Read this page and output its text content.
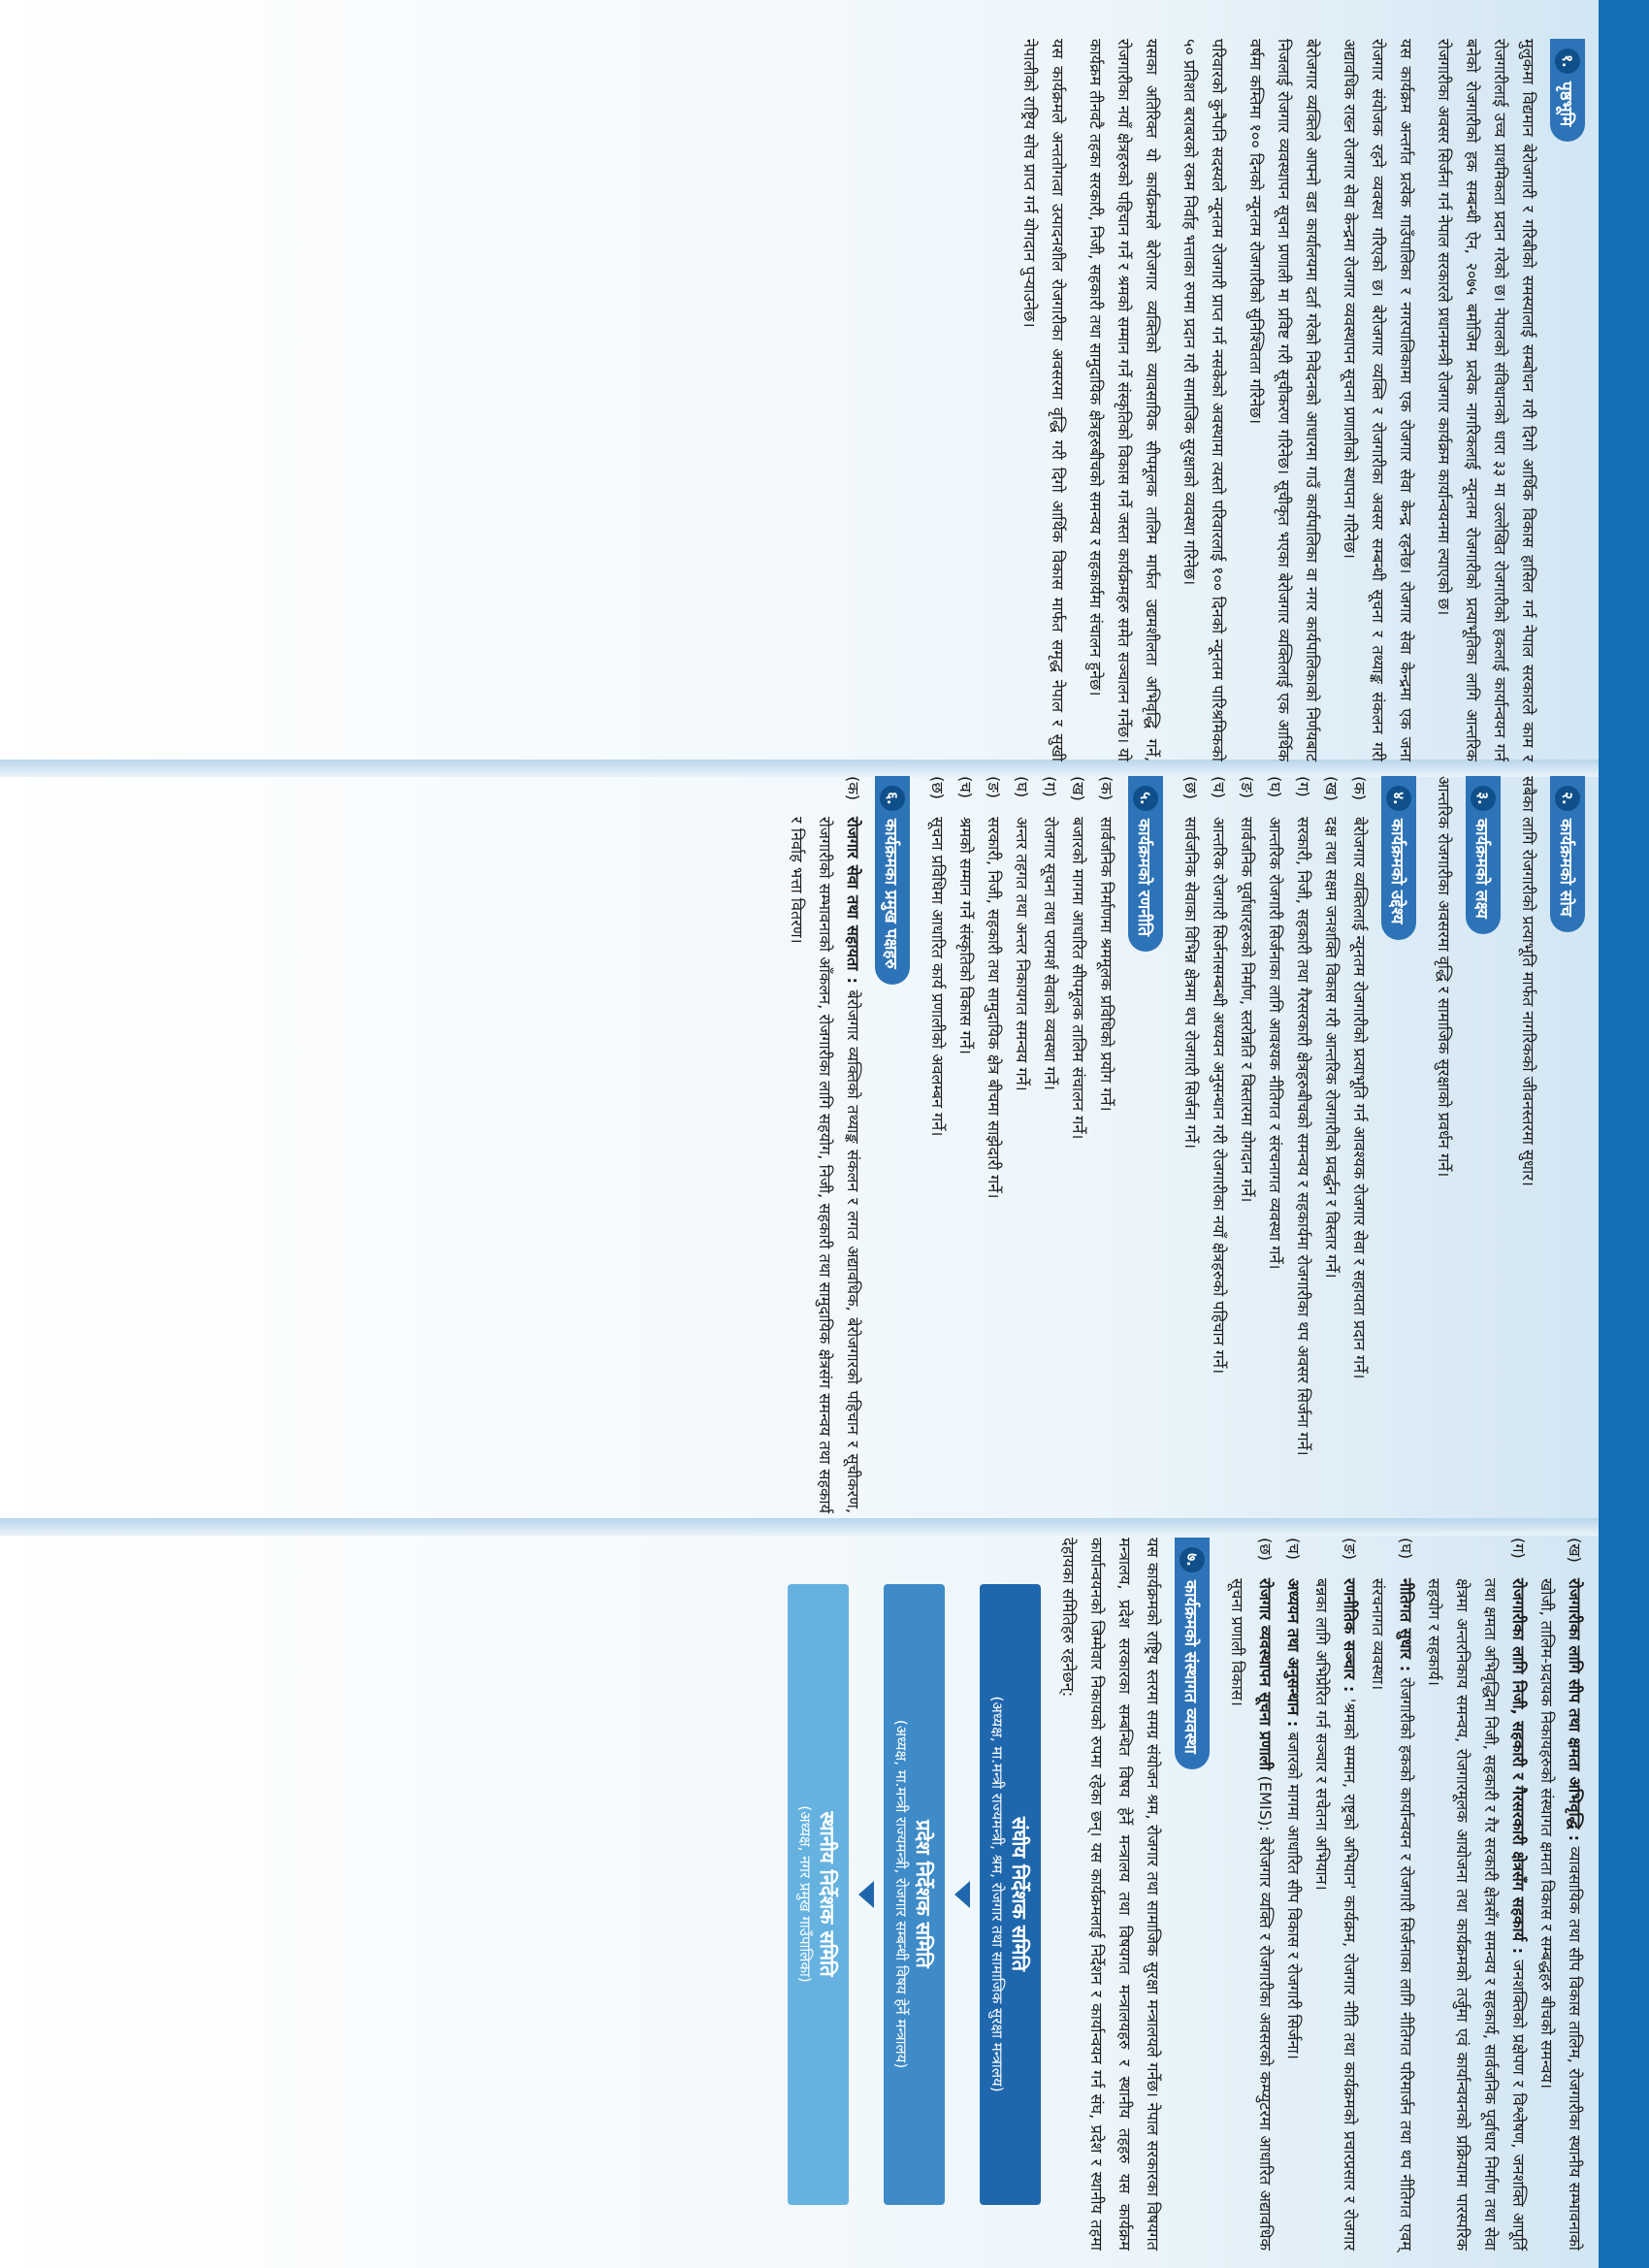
१.
पृष्ठभूमि

मुलुकमा विद्यमान बेरोजगारी र गरिबीको समस्यालाई सम्बोधन गरी दिगो आर्थिक विकास हासिल गर्न नेपाल सरकारले काम र रोजगारीलाई उच्च प्राथमिकता प्रदान गरेको छ। नेपालको संविधानको धारा ३३ मा उल्लेखित रोजगारीको हकलाई कार्यान्वयन गर्न बनेको रोजगारीको हक सम्बन्धी ऐन, २०७५ बमोजिम प्रत्येक नागरिकलाई न्यूनतम रोजगारीको प्रत्याभूतिका लागि आन्तरिक रोजगारीका अवसर सिर्जना गर्न नेपाल सरकारले प्रधानमन्त्री रोजगार कार्यक्रम कार्यान्वयनमा ल्याएको छ।

यस कार्यक्रम अन्तर्गत प्रत्येक गाउँपालिका र नगरपालिकामा एक रोजगार सेवा केन्द्र रहनेछ। रोजगार सेवा केन्द्रमा एक जना रोजगार संयोजक रहने व्यवस्था गरिएको छ। बेरोजगार व्यक्ति र रोजगारीका अवसर सम्बन्धी सूचना र तथ्याङ्क संकलन गरी अद्यावधिक राख्न रोजगार सेवा केन्द्रमा रोजगार व्यवस्थापन सूचना प्रणालीको स्थापना गरिनेछ।

बेरोजगार व्यक्तिले आफ्नो वडा कार्यालयमा दर्ता गरेको निवेदनको आधारमा गाउँ कार्यपालिका वा नगर कार्यपालिकाको निर्णयबाट निजलाई रोजगार व्यवस्थापन सूचना प्रणाली मा प्रविष्ट गरी सूचीकरण गरिनेछ। सूचीकृत भएका बेरोजगार व्यक्तिलाई एक आर्थिक वर्षमा कम्तिमा १०० दिनको न्यूनतम रोजगारीको सुनिश्चितता गरिनेछ।

परिवारको कुनैपनि सदस्यले न्यूनतम रोजगारी प्राप्त गर्न नसकेको अवस्थामा त्यस्तो परिवारलाई १०० दिनको न्यूनतम पारिश्रमिकको ५० प्रतिशत बराबरको रकम निर्वाह भत्ताका रुपमा प्रदान गरी सामाजिक सुरक्षाको व्यवस्था गरिनेछ।

यसका अतिरिक्त यो कार्यक्रमले बेरोजगार व्यक्तिको व्यावसायिक सीपमूलक तालिम मार्फत उद्यमशीलता अभिवृद्धि गर्ने, रोजगारीका नयाँ क्षेत्रहरुको पहिचान गर्ने र श्रमको सम्मान गर्ने संस्कृतिको विकास गर्ने जस्ता कार्यक्रमहरु समेत सञ्चालन गर्नेछ। यो कार्यक्रम तीनवटै तहका सरकारी, निजी, सहकारी तथा सामुदायिक क्षेत्रहरुबीचको समन्वय र सहकार्यमा संचालन हुनेछ।

यस कार्यक्रमले अन्ततोगत्वा उत्पादनशील रोजगारीका अवसरमा वृद्धि गरी दिगो आर्थिक विकास मार्फत समृद्ध नेपाल र सुखी नेपालीको राष्ट्रिय सोच प्राप्त गर्न योगदान पुर्‍याउनेछ।

२.
कार्यक्रमको सोच

सबैका लागि रोजगारीको प्रत्याभूति मार्फत नागरिकको जीवनस्तरमा सुधार।

३.
कार्यक्रमको लक्ष्य

आन्तरिक रोजगारीका अवसरमा वृद्धि र सामाजिक सुरक्षाको प्रवर्धन गर्ने।

४.
कार्यक्रमको उद्देश्य
(क)
बेरोजगार व्यक्तिलाई न्यूनतम रोजगारीको प्रत्याभूति गर्न आवश्यक रोजगार सेवा र सहायता प्रदान गर्ने।
(ख)
दक्ष तथा सक्षम जनशक्ति विकास गरी आन्तरिक रोजगारीको प्रवर्द्धन र विस्तार गर्ने।
(ग)
सरकारी, निजी, सहकारी तथा गैरसरकारी क्षेत्रहरुबीचको समन्वय र सहकार्यमा रोजगारीका थप अवसर सिर्जना गर्ने।
(घ)
आन्तरिक रोजगारी सिर्जनाका लागि आवश्यक नीतिगत र संरचनागत व्यवस्था गर्ने।
(ङ)
सार्वजनिक पूर्वाधारहरुको निर्माण, स्तरोन्नति र विस्तारमा योगदान गर्ने।
(च)
आन्तरिक रोजगारी सिर्जनासम्बन्धी अध्ययन अनुसन्धान गरी रोजगारीका नयाँ क्षेत्रहरुको पहिचान गर्ने।
(छ)
सार्वजनिक सेवाका विभिन्न क्षेत्रमा थप रोजगारी सिर्जना गर्ने।
५.
कार्यक्रमको रणनीति
(क)
सार्वजनिक निर्माणमा श्रममूलक प्रविधिको प्रयोग गर्ने।
(ख)
बजारको मागमा आधारित सीपमूलक तालिम संचालन गर्ने।
(ग)
रोजगार सूचना तथा परामर्श सेवाको व्यवस्था गर्ने।
(घ)
अन्तर तहगत तथा अन्तर निकायगत समन्वय गर्ने।
(ङ)
सरकारी, निजी, सहकारी तथा सामुदायिक क्षेत्र बीचमा साझेदारी गर्ने।
(च)
श्रमको सम्मान गर्ने संस्कृतिको विकास गर्ने।
(छ)
सूचना प्रविधिमा आधारित कार्य प्रणालीको अवलम्बन गर्ने।
६.
कार्यक्रमका प्रमुख पक्षहरु
(क)
रोजगार सेवा तथा सहायता : बेरोजगार व्यक्तिको तथ्याङ्क संकलन र लगत अद्यावधिक, बेरोजगारको पहिचान र सूचीकरण, रोजगारीको सम्भावनाको आँकलन, रोजगारीका लागि सहयोग, निजी, सहकारी तथा सामुदायिक क्षेत्रसंग समन्वय तथा सहकार्य र निर्वाह भत्ता वितरण।
(ख)
रोजगारीका लागि सीप तथा क्षमता अभिवृद्धि : व्यावसायिक तथा सीप विकास तालिम, रोजगारीका स्थानीय सम्भावनाको खोजी, तालिम-प्रदायक निकायहरुको संस्थागत क्षमता विकास र सम्बद्धहरु बीचको समन्वय।
(ग)
रोजगारीका लागि निजी, सहकारी र गैरसरकारी क्षेत्रसँग सहकार्य : जनशक्तिको प्रक्षेपण र विश्लेषण, जनशक्ति आपूर्ति तथा क्षमता अभिवृद्धिमा निजी, सहकारी र गैर सरकारी क्षेत्रसँग समन्वय र सहकार्य, सार्वजनिक पूर्वाधार निर्माण तथा सेवा क्षेत्रमा अन्तरनिकाय समन्वय, रोजगारमूलक आयोजना तथा कार्यक्रमको तर्जुमा एवं कार्यान्वयनको प्रक्रियामा पारस्परिक सहयोग र सहकार्य।
(घ)
नीतिगत सुधार : रोजगारीको हकको कार्यान्वयन र रोजगारी सिर्जनाका लागि नीतिगत परिमार्जन तथा थप नीतिगत एवम् संरचनागत व्यवस्था।
(ङ)
रणनीतिक सञ्चार : 'श्रमको सम्मान, राष्ट्रको अभियान' कार्यक्रम, रोजगार नीति तथा कार्यक्रमको प्रचारप्रसार र रोजगार बन्नका लागि अभिप्रेरित गर्न सञ्चार र सचेतना अभियान।
(च)
अध्ययन तथा अनुसन्धान : बजारको मागमा आधारित सीप विकास र रोजगारी सिर्जना।
(छ)
रोजगार व्यवस्थापन सूचना प्रणाली (EMIS): बेरोजगार व्यक्ति र रोजगारीका अवसरको कम्प्युटरमा आधारित अद्यावधिक सूचना प्रणाली विकास।
७.
कार्यक्रमको संस्थागत व्यवस्था

यस कार्यक्रमको राष्ट्रिय स्तरमा समग्र संयोजन श्रम, रोजगार तथा सामाजिक सुरक्षा मन्त्रालयले गर्नेछ। नेपाल सरकारका विषयगत मन्त्रालय, प्रदेश सरकारका सम्बन्धित विषय हेर्ने मन्त्रालय तथा विषयगत मन्त्रालयहरु र स्थानीय तहहरु यस कार्यक्रम कार्यान्वयनको जिम्मेवार निकायको रुपमा रहेका छन्। यस कार्यक्रमलाई निर्देशन र कार्यान्वयन गर्न संघ, प्रदेश र स्थानीय तहमा देहायका समितिहरु रहनेछन्:

संघीय निर्देशक समिति
(अध्यक्ष, मा.मन्त्री राज्यमन्त्री, श्रम, रोजगार तथा सामाजिक सुरक्षा मन्त्रालय)
प्रदेश निर्देशक समिति
(अध्यक्ष, मा.मन्त्री राज्यमन्त्री, रोजगार सम्बन्धी विषय हेर्ने मन्त्रालय)
स्थानीय निर्देशक समिति
(अध्यक्ष, नगर प्रमुख गाउँपालिका)
